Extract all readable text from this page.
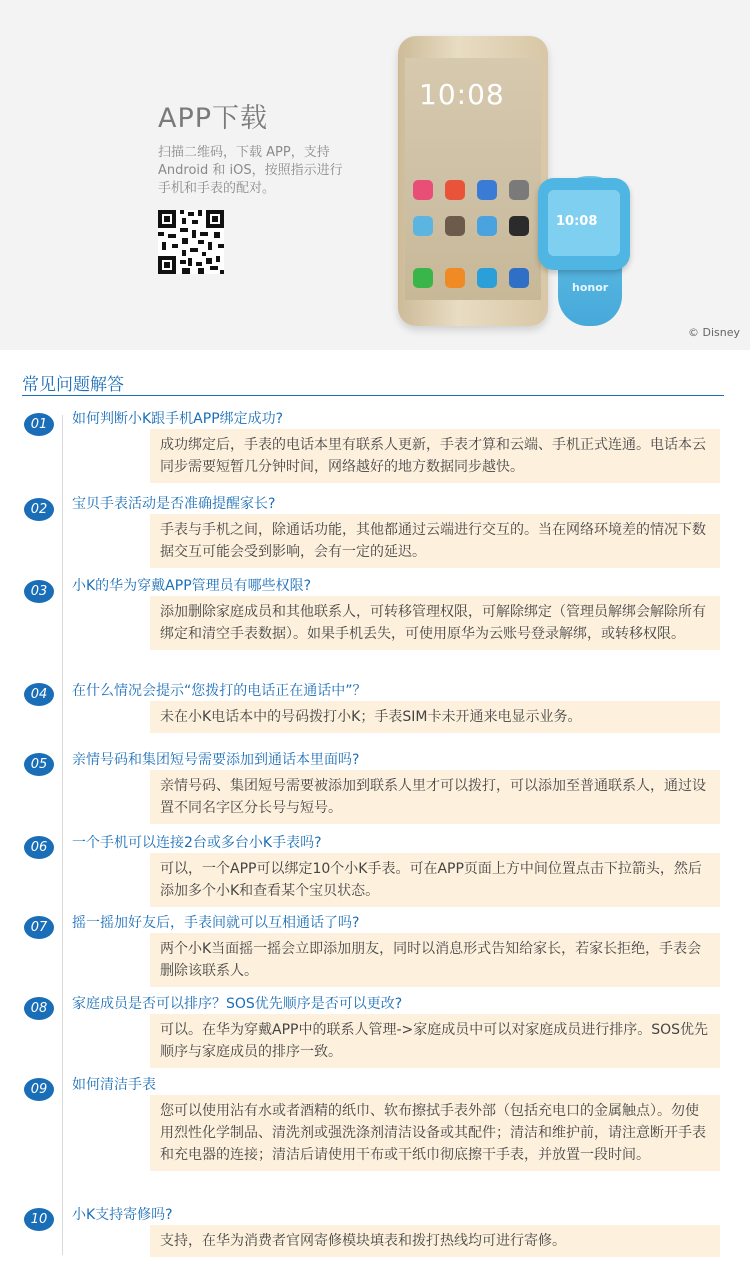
APP下载
扫描二维码，下载 APP，支持 Android 和 iOS，按照指示进行手机和手表的配对。
10:08
10:08
honor
© Disney
常见问题解答
01	如何判断小K跟手机APP绑定成功?
成功绑定后，手表的电话本里有联系人更新，手表才算和云端、手机正式连通。电话本云同步需要短暂几分钟时间，网络越好的地方数据同步越快。
02	宝贝手表活动是否准确提醒家长?
手表与手机之间，除通话功能，其他都通过云端进行交互的。当在网络环境差的情况下数据交互可能会受到影响，会有一定的延迟。
03	小K的华为穿戴APP管理员有哪些权限?
添加删除家庭成员和其他联系人，可转移管理权限，可解除绑定（管理员解绑会解除所有绑定和清空手表数据）。如果手机丢失，可使用原华为云账号登录解绑，或转移权限。
04	在什么情况会提示“您拨打的电话正在通话中”？
未在小K电话本中的号码拨打小K；手表SIM卡未开通来电显示业务。
05	亲情号码和集团短号需要添加到通话本里面吗?
亲情号码、集团短号需要被添加到联系人里才可以拨打，可以添加至普通联系人，通过设置不同名字区分长号与短号。
06	一个手机可以连接2台或多台小K手表吗?
可以，一个APP可以绑定10个小K手表。可在APP页面上方中间位置点击下拉箭头，然后添加多个小K和查看某个宝贝状态。
07	摇一摇加好友后，手表间就可以互相通话了吗?
两个小K当面摇一摇会立即添加朋友，同时以消息形式告知给家长，若家长拒绝，手表会删除该联系人。
08	家庭成员是否可以排序？SOS优先顺序是否可以更改?
可以。在华为穿戴APP中的联系人管理->家庭成员中可以对家庭成员进行排序。SOS优先顺序与家庭成员的排序一致。
09	如何清洁手表
您可以使用沾有水或者酒精的纸巾、软布擦拭手表外部（包括充电口的金属触点）。勿使用烈性化学制品、清洗剂或强洗涤剂清洁设备或其配件；清洁和维护前，请注意断开手表和充电器的连接；清洁后请使用干布或干纸巾彻底擦干手表，并放置一段时间。
10	小K支持寄修吗?
支持，在华为消费者官网寄修模块填表和拨打热线均可进行寄修。
